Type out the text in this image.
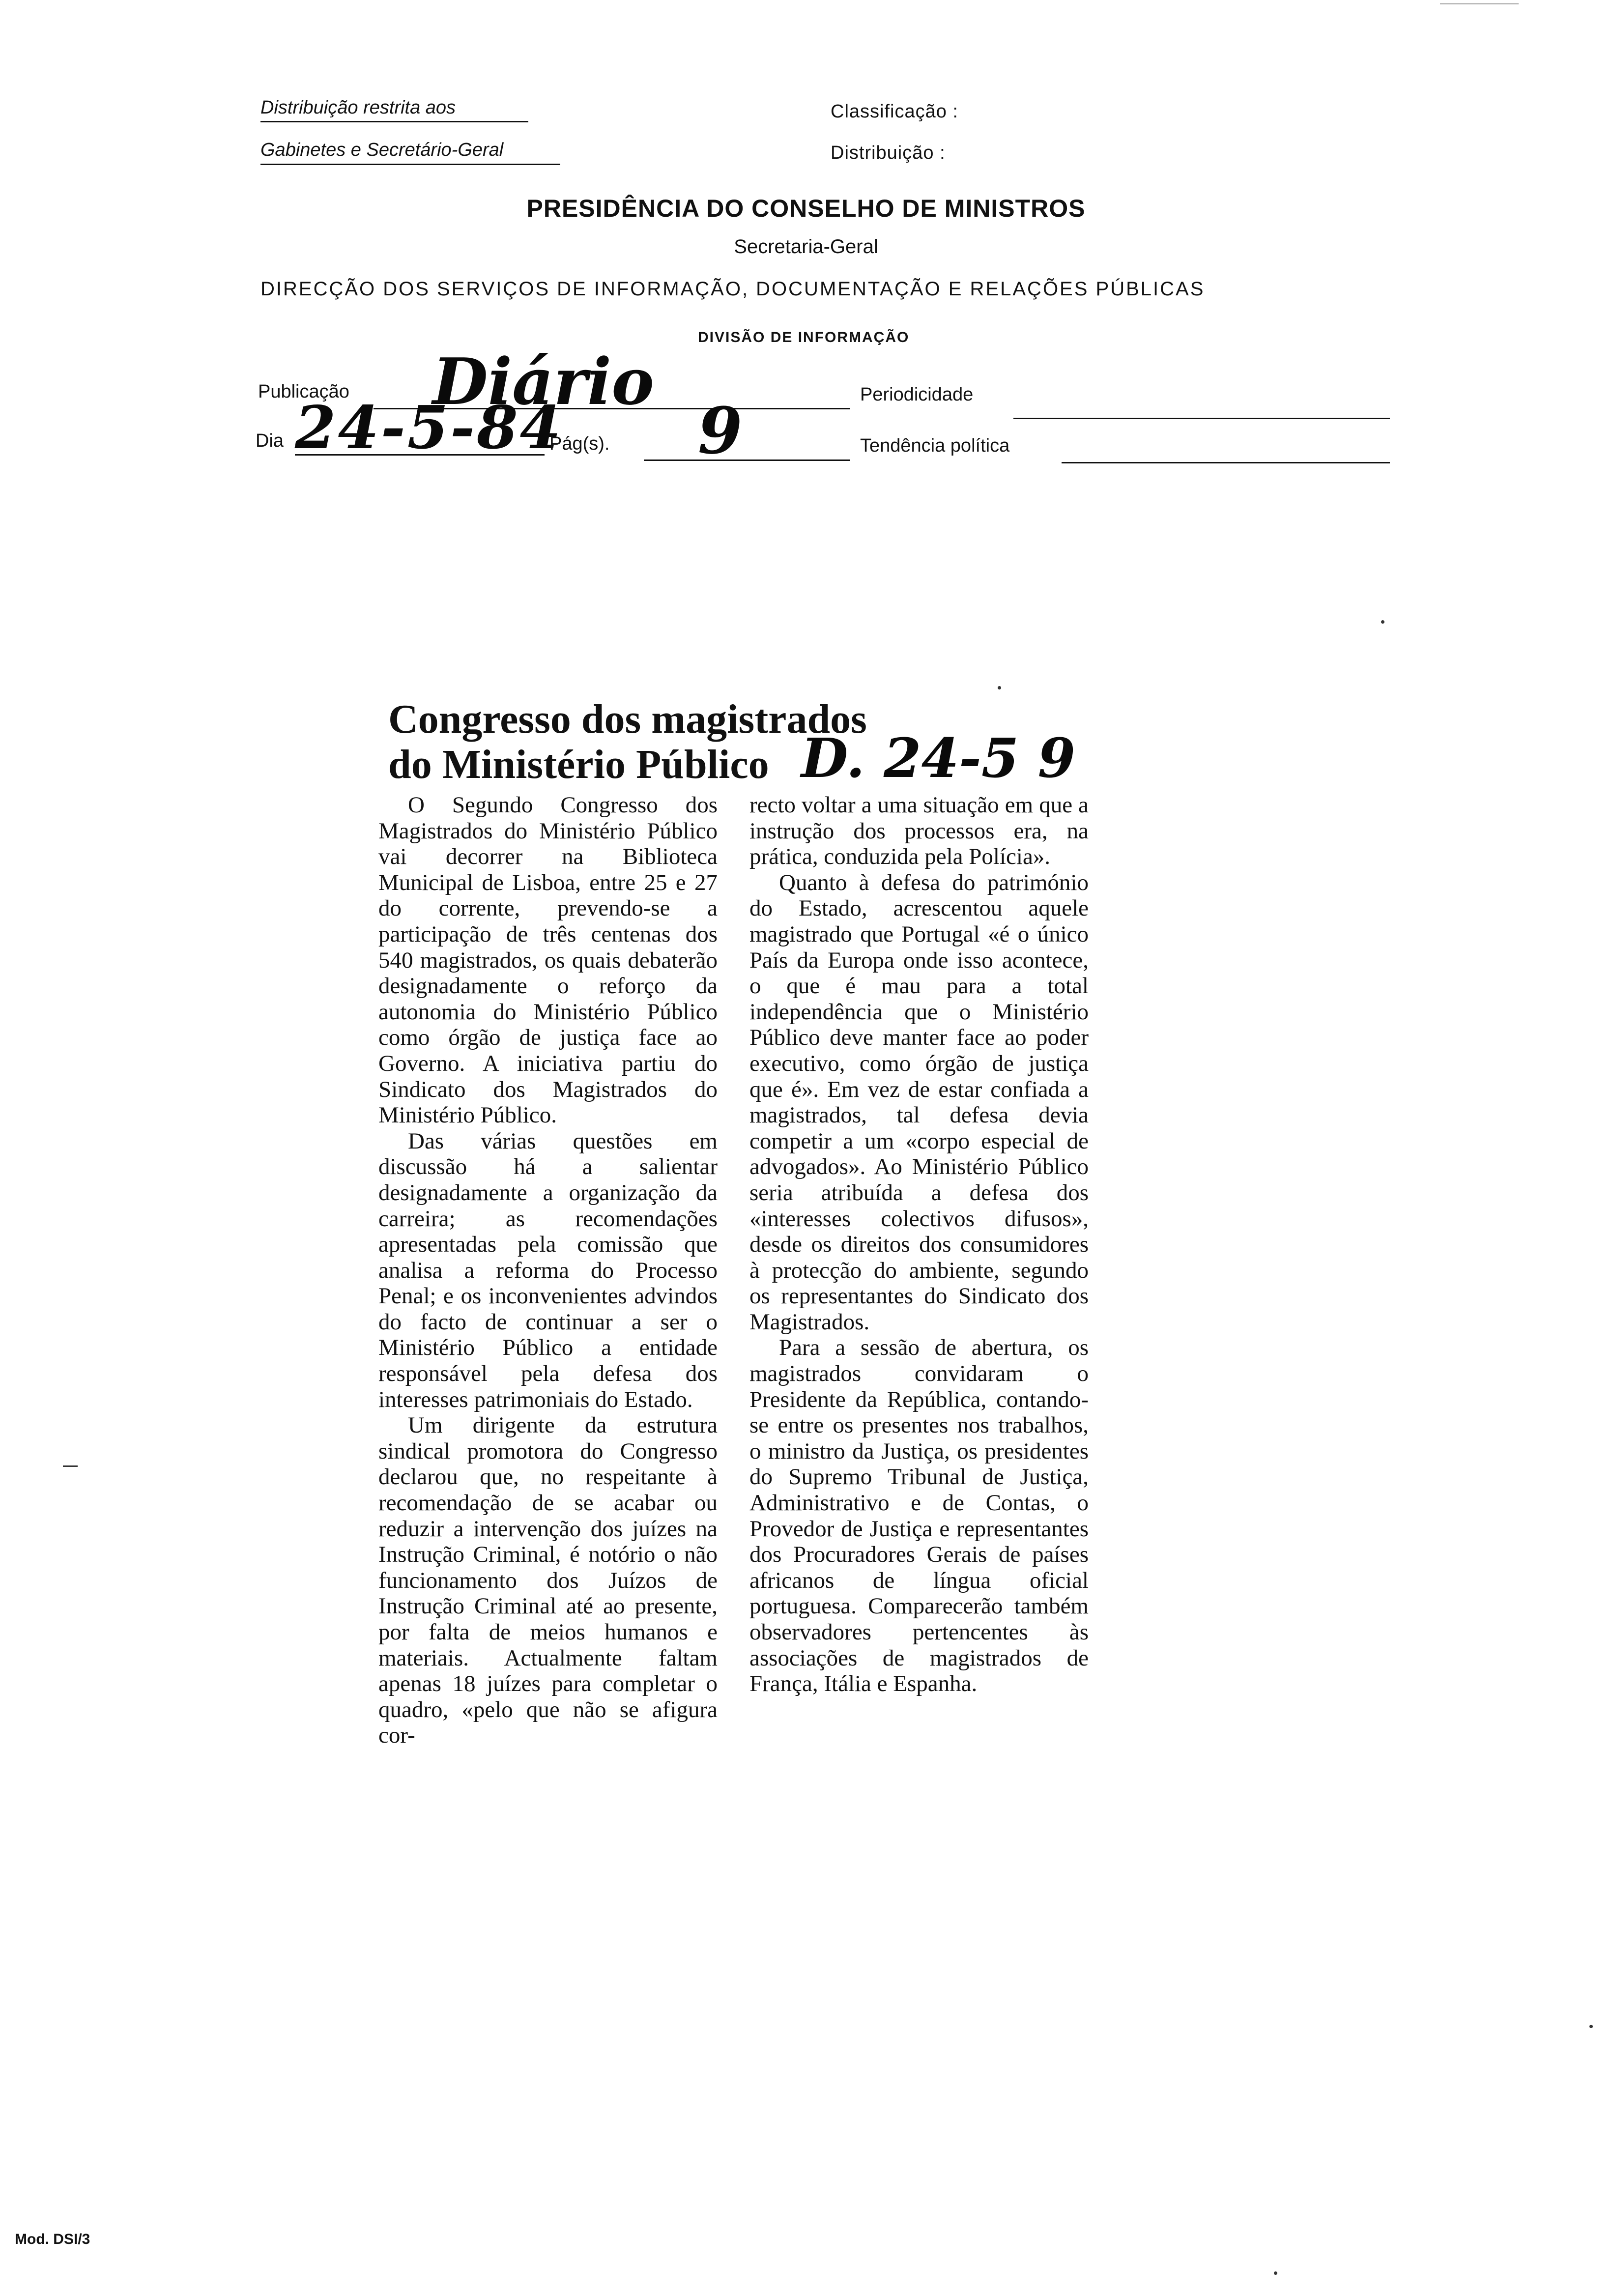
Distribuição restrita aos
Gabinetes e Secretário-Geral
Classificação :
Distribuição :
PRESIDÊNCIA DO CONSELHO DE MINISTROS
Secretaria-Geral
DIRECÇÃO DOS SERVIÇOS DE INFORMAÇÃO, DOCUMENTAÇÃO E RELAÇÕES PÚBLICAS
DIVISÃO DE INFORMAÇÃO
Publicação Diário	Periodicidade
Dia 24-5-84
Pág(s). 9	Tendência política
Congresso dos magistrados
do Ministério Público D. 24-5 9

O Segundo Congresso dos Magistrados do Ministério Público vai decorrer na Biblioteca Municipal de Lisboa, entre 25 e 27 do corrente, prevendo-se a participação de três centenas dos 540 magistrados, os quais debaterão designadamente o reforço da autonomia do Ministério Público como órgão de justiça face ao Governo. A iniciativa partiu do Sindicato dos Magistrados do Ministério Público.

Das várias questões em discussão há a salientar designadamente a organização da carreira; as recomendações apresentadas pela comissão que analisa a reforma do Processo Penal; e os inconvenientes advindos do facto de continuar a ser o Ministério Público a entidade responsável pela defesa dos interesses patrimoniais do Estado.

Um dirigente da estrutura sindical promotora do Congresso declarou que, no respeitante à recomendação de se acabar ou reduzir a intervenção dos juízes na Instrução Criminal, é notório o não funcionamento dos Juízos de Instrução Criminal até ao presente, por falta de meios humanos e materiais. Actualmente faltam apenas 18 juízes para completar o quadro, «pelo que não se afigura cor-

recto voltar a uma situação em que a instrução dos processos era, na prática, conduzida pela Polícia».

Quanto à defesa do património do Estado, acrescentou aquele magistrado que Portugal «é o único País da Europa onde isso acontece, o que é mau para a total independência que o Ministério Público deve manter face ao poder executivo, como órgão de justiça que é». Em vez de estar confiada a magistrados, tal defesa devia competir a um «corpo especial de advogados». Ao Ministério Público seria atribuída a defesa dos «interesses colectivos difusos», desde os direitos dos consumidores à protecção do ambiente, segundo os representantes do Sindicato dos Magistrados.

Para a sessão de abertura, os magistrados convidaram o Presidente da República, contando-se entre os presentes nos trabalhos, o ministro da Justiça, os presidentes do Supremo Tribunal de Justiça, Administrativo e de Contas, o Provedor de Justiça e representantes dos Procuradores Gerais de países africanos de língua oficial portuguesa. Comparecerão também observadores pertencentes às associações de magistrados de França, Itália e Espanha.

Mod. DSI/3
